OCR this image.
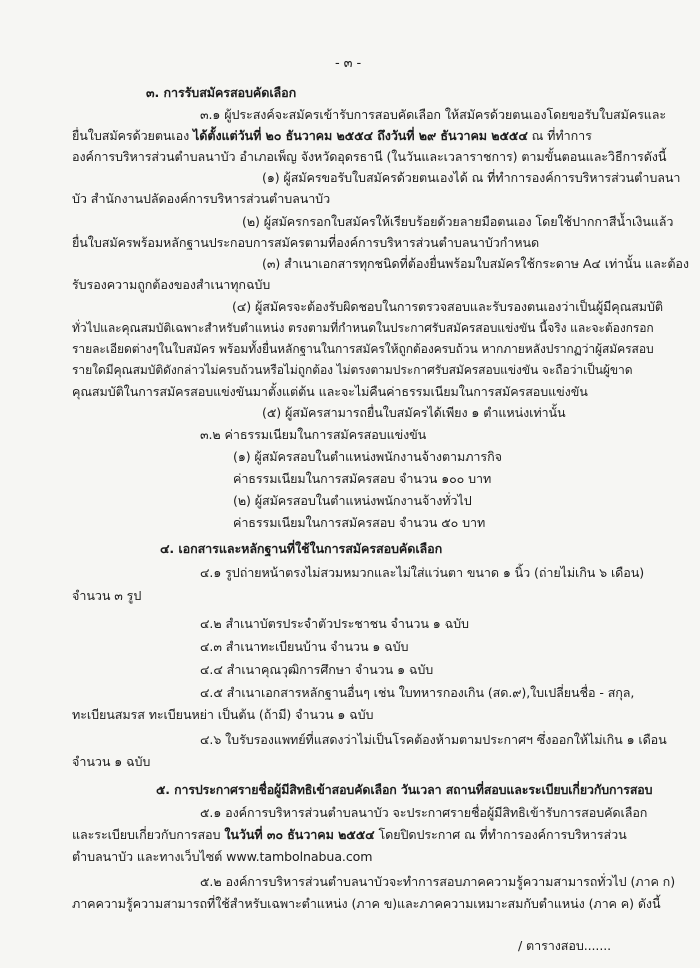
- ๓ -
๓. การรับสมัครสอบคัดเลือก
๓.๑ ผู้ประสงค์จะสมัครเข้ารับการสอบคัดเลือก ให้สมัครด้วยตนเองโดยขอรับใบสมัครและ
ยื่นใบสมัครด้วยตนเอง ได้ตั้งแต่วันที่ ๒๐ ธันวาคม ๒๕๕๔ ถึงวันที่ ๒๙ ธันวาคม ๒๕๕๔ ณ ที่ทำการ
องค์การบริหารส่วนตำบลนาบัว อำเภอเพ็ญ จังหวัดอุดรธานี (ในวันและเวลาราชการ) ตามขั้นตอนและวิธีการดังนี้
(๑) ผู้สมัครขอรับใบสมัครด้วยตนเองได้ ณ ที่ทำการองค์การบริหารส่วนตำบลนา
บัว สำนักงานปลัดองค์การบริหารส่วนตำบลนาบัว
(๒) ผู้สมัครกรอกใบสมัครให้เรียบร้อยด้วยลายมือตนเอง โดยใช้ปากกาสีน้ำเงินแล้ว
ยื่นใบสมัครพร้อมหลักฐานประกอบการสมัครตามที่องค์การบริหารส่วนตำบลนาบัวกำหนด
(๓) สำเนาเอกสารทุกชนิดที่ต้องยื่นพร้อมใบสมัครใช้กระดาษ A๔ เท่านั้น และต้อง
รับรองความถูกต้องของสำเนาทุกฉบับ
(๔) ผู้สมัครจะต้องรับผิดชอบในการตรวจสอบและรับรองตนเองว่าเป็นผู้มีคุณสมบัติ
ทั่วไปและคุณสมบัติเฉพาะสำหรับตำแหน่ง ตรงตามที่กำหนดในประกาศรับสมัครสอบแข่งขัน นี้จริง และจะต้องกรอก
รายละเอียดต่างๆในใบสมัคร พร้อมทั้งยื่นหลักฐานในการสมัครให้ถูกต้องครบถ้วน หากภายหลังปรากฏว่าผู้สมัครสอบ
รายใดมีคุณสมบัติดังกล่าวไม่ครบถ้วนหรือไม่ถูกต้อง ไม่ตรงตามประกาศรับสมัครสอบแข่งขัน จะถือว่าเป็นผู้ขาด
คุณสมบัติในการสมัครสอบแข่งขันมาตั้งแต่ต้น และจะไม่คืนค่าธรรมเนียมในการสมัครสอบแข่งขัน
(๕) ผู้สมัครสามารถยื่นใบสมัครได้เพียง ๑ ตำแหน่งเท่านั้น
๓.๒ ค่าธรรมเนียมในการสมัครสอบแข่งขัน
(๑) ผู้สมัครสอบในตำแหน่งพนักงานจ้างตามภารกิจ
ค่าธรรมเนียมในการสมัครสอบ จำนวน ๑๐๐ บาท
(๒) ผู้สมัครสอบในตำแหน่งพนักงานจ้างทั่วไป
ค่าธรรมเนียมในการสมัครสอบ จำนวน ๕๐ บาท
๔. เอกสารและหลักฐานที่ใช้ในการสมัครสอบคัดเลือก
๔.๑ รูปถ่ายหน้าตรงไม่สวมหมวกและไม่ใส่แว่นตา ขนาด ๑ นิ้ว (ถ่ายไม่เกิน ๖ เดือน)
จำนวน ๓ รูป
๔.๒ สำเนาบัตรประจำตัวประชาชน จำนวน ๑ ฉบับ
๔.๓ สำเนาทะเบียนบ้าน จำนวน ๑ ฉบับ
๔.๔ สำเนาคุณวุฒิการศึกษา จำนวน ๑ ฉบับ
๔.๕ สำเนาเอกสารหลักฐานอื่นๆ เช่น ใบทหารกองเกิน (สด.๙),ใบเปลี่ยนชื่อ - สกุล,
ทะเบียนสมรส ทะเบียนหย่า เป็นต้น (ถ้ามี) จำนวน ๑ ฉบับ
๔.๖ ใบรับรองแพทย์ที่แสดงว่าไม่เป็นโรคต้องห้ามตามประกาศฯ ซึ่งออกให้ไม่เกิน ๑ เดือน
จำนวน ๑ ฉบับ
๕. การประกาศรายชื่อผู้มีสิทธิเข้าสอบคัดเลือก วันเวลา สถานที่สอบและระเบียบเกี่ยวกับการสอบ
๕.๑ องค์การบริหารส่วนตำบลนาบัว จะประกาศรายชื่อผู้มีสิทธิเข้ารับการสอบคัดเลือก
และระเบียบเกี่ยวกับการสอบ ในวันที่ ๓๐ ธันวาคม ๒๕๕๔ โดยปิดประกาศ ณ ที่ทำการองค์การบริหารส่วน
ตำบลนาบัว และทางเว็บไซต์ www.tambolnabua.com
๕.๒ องค์การบริหารส่วนตำบลนาบัวจะทำการสอบภาคความรู้ความสามารถทั่วไป (ภาค ก)
ภาคความรู้ความสามารถที่ใช้สำหรับเฉพาะตำแหน่ง (ภาค ข)และภาคความเหมาะสมกับตำแหน่ง (ภาค ค) ดังนี้
/ ตารางสอบ.......
